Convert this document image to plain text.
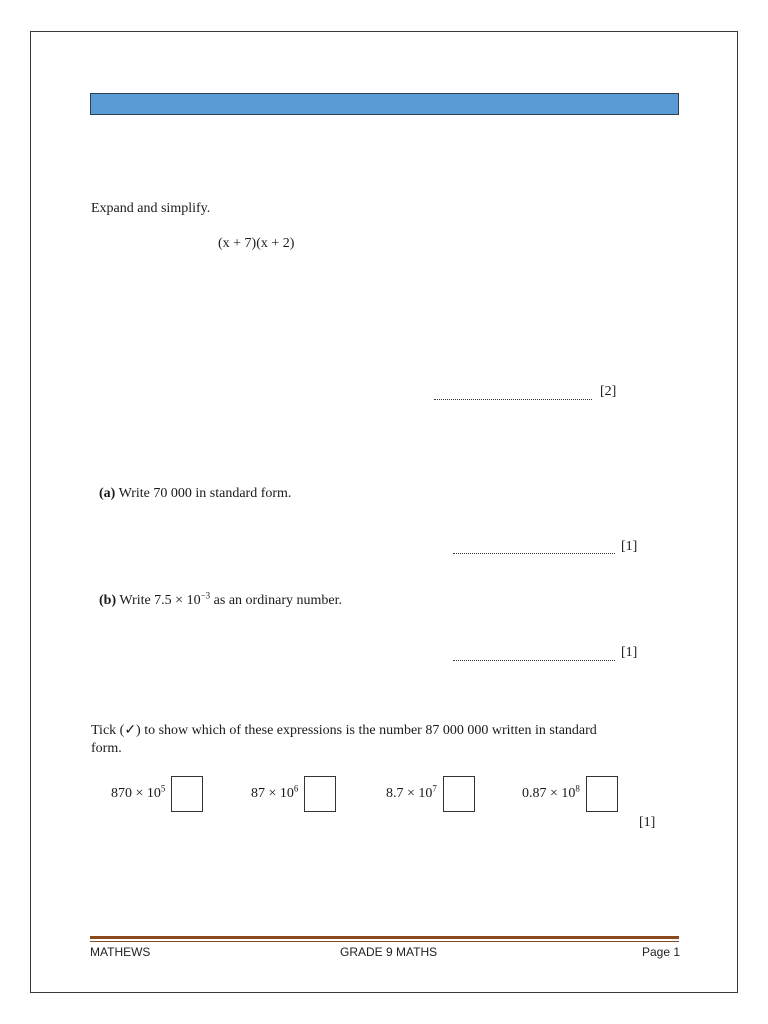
Expand and simplify.
(x + 7)(x + 2)
[2]
(a) Write 70 000 in standard form.
[1]
(b) Write $7.5 \times 10^{-3}$ as an ordinary number.
[1]
Tick (✓) to show which of these expressions is the number 87 000 000 written in standard
form.
$870 \times 10^5$	$87 \times 10^6$	$8.7 \times 10^7$	$0.87 \times 10^8$
[1]
MATHEWS	GRADE 9 MATHS	Page 1
